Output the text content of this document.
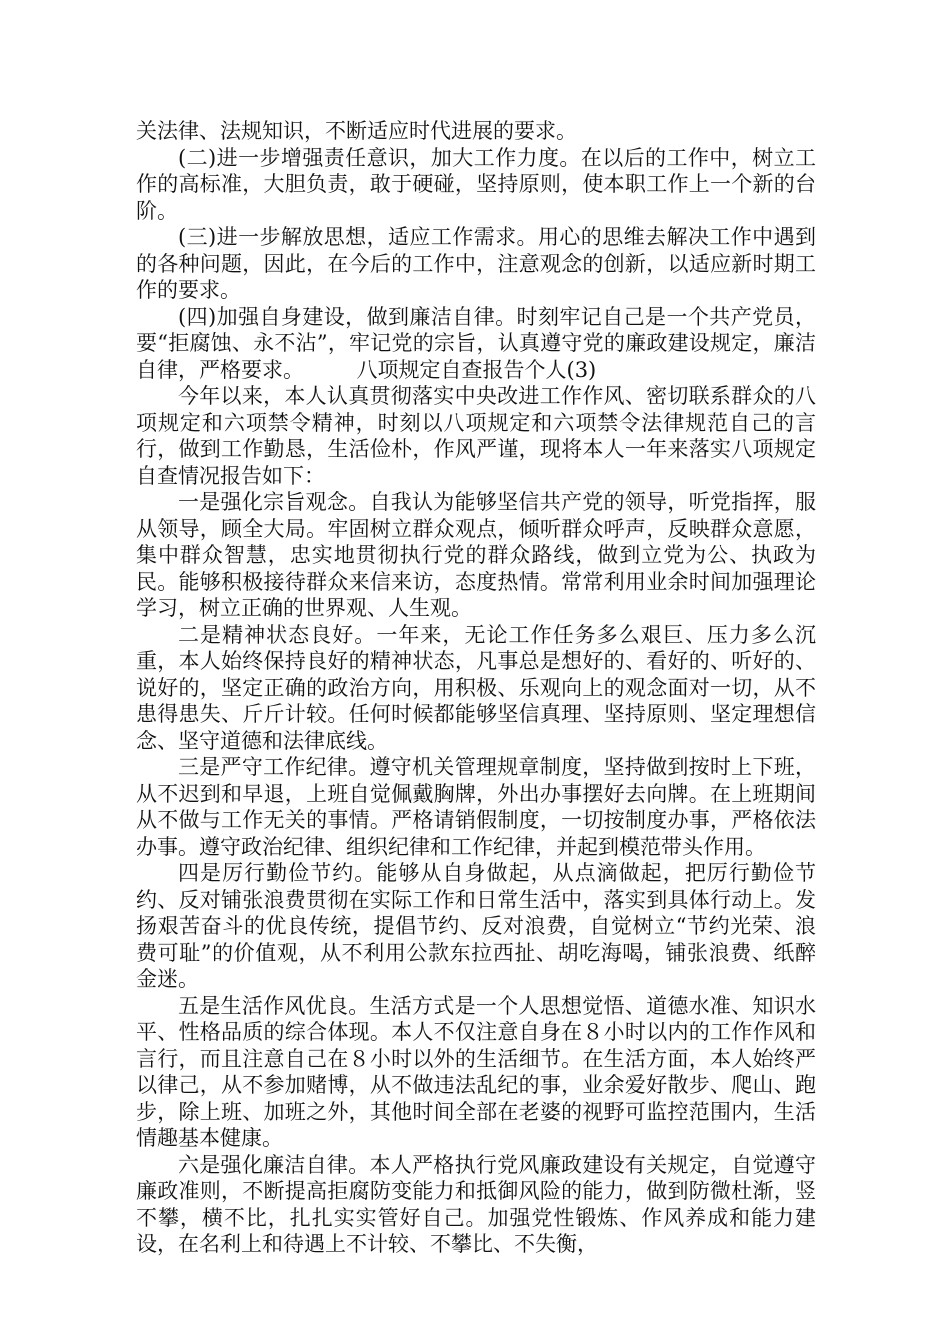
关法律、法规知识，不断适应时代进展的要求。

(二)进一步增强责任意识，加大工作力度。在以后的工作中，树立工作的高标准，大胆负责，敢于硬碰，坚持原则，使本职工作上一个新的台阶。

(三)进一步解放思想，适应工作需求。用心的思维去解决工作中遇到的各种问题，因此，在今后的工作中，注意观念的创新，以适应新时期工作的要求。

(四)加强自身建设，做到廉洁自律。时刻牢记自己是一个共产党员，要“拒腐蚀、永不沾”，牢记党的宗旨，认真遵守党的廉政建设规定，廉洁自律，严格要求。　　　八项规定自查报告个人(3)

今年以来，本人认真贯彻落实中央改进工作作风、密切联系群众的八项规定和六项禁令精神，时刻以八项规定和六项禁令法律规范自己的言行，做到工作勤恳，生活俭朴，作风严谨，现将本人一年来落实八项规定自查情况报告如下：

一是强化宗旨观念。自我认为能够坚信共产党的领导，听党指挥，服从领导，顾全大局。牢固树立群众观点，倾听群众呼声，反映群众意愿，集中群众智慧，忠实地贯彻执行党的群众路线，做到立党为公、执政为民。能够积极接待群众来信来访，态度热情。常常利用业余时间加强理论学习，树立正确的世界观、人生观。

二是精神状态良好。一年来，无论工作任务多么艰巨、压力多么沉重，本人始终保持良好的精神状态，凡事总是想好的、看好的、听好的、说好的，坚定正确的政治方向，用积极、乐观向上的观念面对一切，从不患得患失、斤斤计较。任何时候都能够坚信真理、坚持原则、坚定理想信念、坚守道德和法律底线。

三是严守工作纪律。遵守机关管理规章制度，坚持做到按时上下班，从不迟到和早退，上班自觉佩戴胸牌，外出办事摆好去向牌。在上班期间从不做与工作无关的事情。严格请销假制度，一切按制度办事，严格依法办事。遵守政治纪律、组织纪律和工作纪律，并起到模范带头作用。

四是厉行勤俭节约。能够从自身做起，从点滴做起，把厉行勤俭节约、反对铺张浪费贯彻在实际工作和日常生活中，落实到具体行动上。发扬艰苦奋斗的优良传统，提倡节约、反对浪费，自觉树立“节约光荣、浪费可耻”的价值观，从不利用公款东拉西扯、胡吃海喝，铺张浪费、纸醉金迷。

五是生活作风优良。生活方式是一个人思想觉悟、道德水准、知识水平、性格品质的综合体现。本人不仅注意自身在８小时以内的工作作风和言行，而且注意自己在８小时以外的生活细节。在生活方面，本人始终严以律己，从不参加赌博，从不做违法乱纪的事，业余爱好散步、爬山、跑步，除上班、加班之外，其他时间全部在老婆的视野可监控范围内，生活情趣基本健康。

六是强化廉洁自律。本人严格执行党风廉政建设有关规定，自觉遵守廉政准则，不断提高拒腐防变能力和抵御风险的能力，做到防微杜渐，竖不攀，横不比，扎扎实实管好自己。加强党性锻炼、作风养成和能力建设，在名利上和待遇上不计较、不攀比、不失衡，
